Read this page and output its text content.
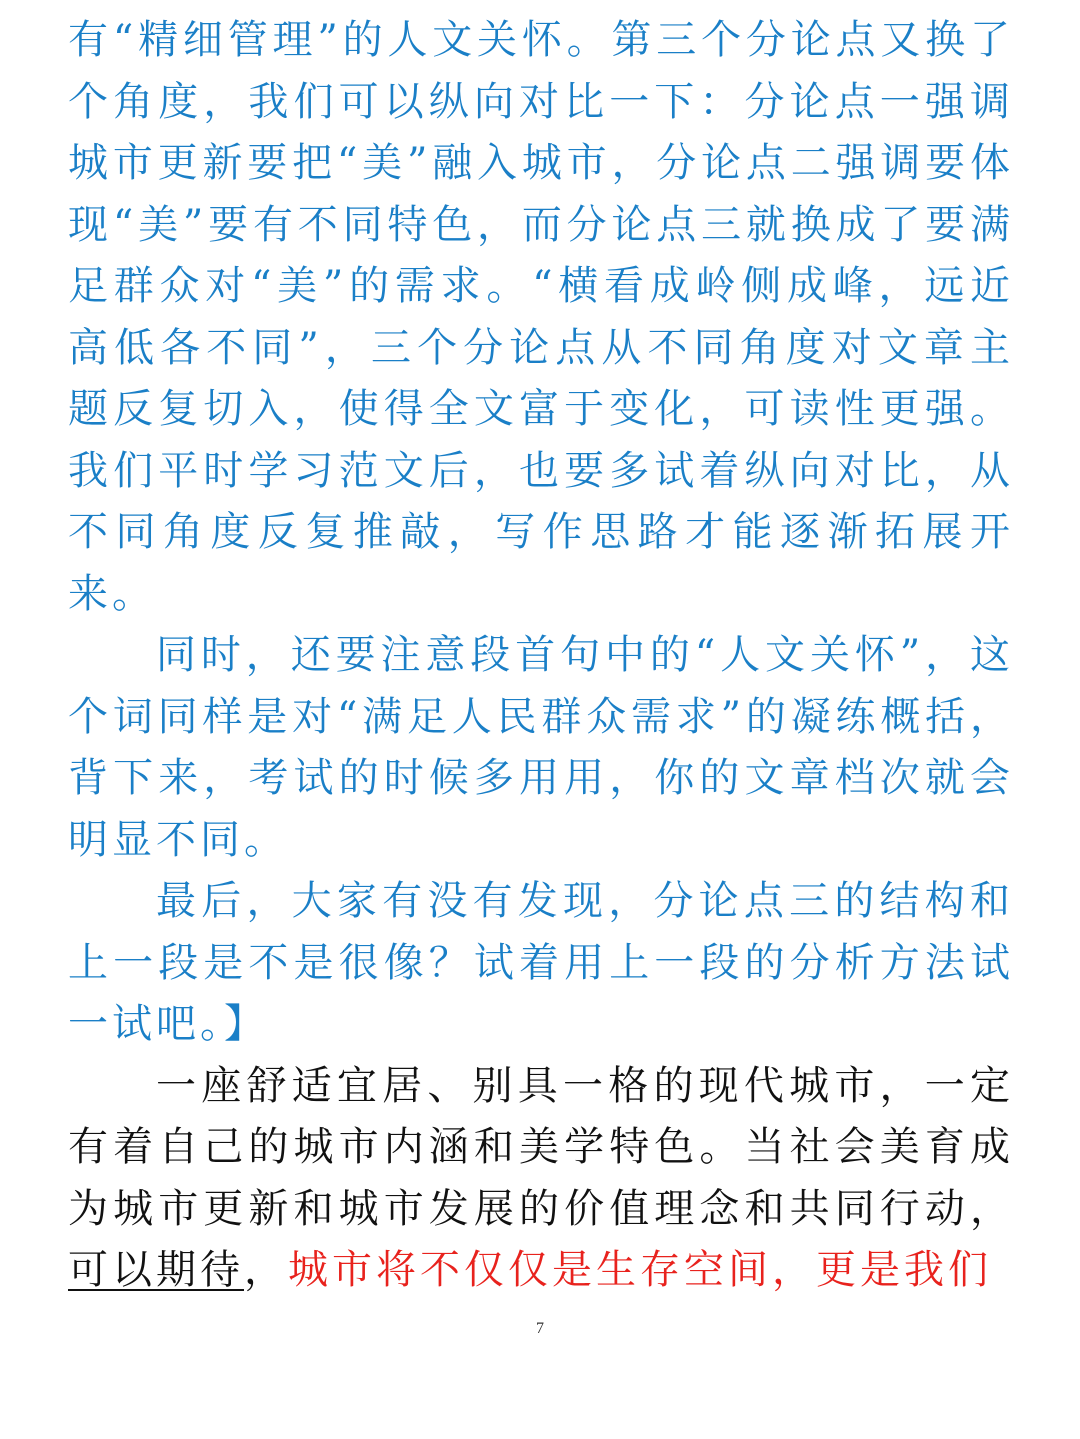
有“精细管理”的人文关怀。第三个分论点又换了个角度，我们可以纵向对比一下：分论点一强调城市更新要把“美”融入城市，分论点二强调要体现“美”要有不同特色，而分论点三就换成了要满足群众对“美”的需求。“横看成岭侧成峰，远近高低各不同”，三个分论点从不同角度对文章主题反复切入，使得全文富于变化，可读性更强。我们平时学习范文后，也要多试着纵向对比，从不同角度反复推敲，写作思路才能逐渐拓展开来。

同时，还要注意段首句中的“人文关怀”，这个词同样是对“满足人民群众需求”的凝练概括，背下来，考试的时候多用用，你的文章档次就会明显不同。

最后，大家有没有发现，分论点三的结构和上一段是不是很像？试着用上一段的分析方法试一试吧。】

一座舒适宜居、别具一格的现代城市，一定有着自己的城市内涵和美学特色。当社会美育成为城市更新和城市发展的价值理念和共同行动，可以期待，城市将不仅仅是生存空间，更是我们

7
